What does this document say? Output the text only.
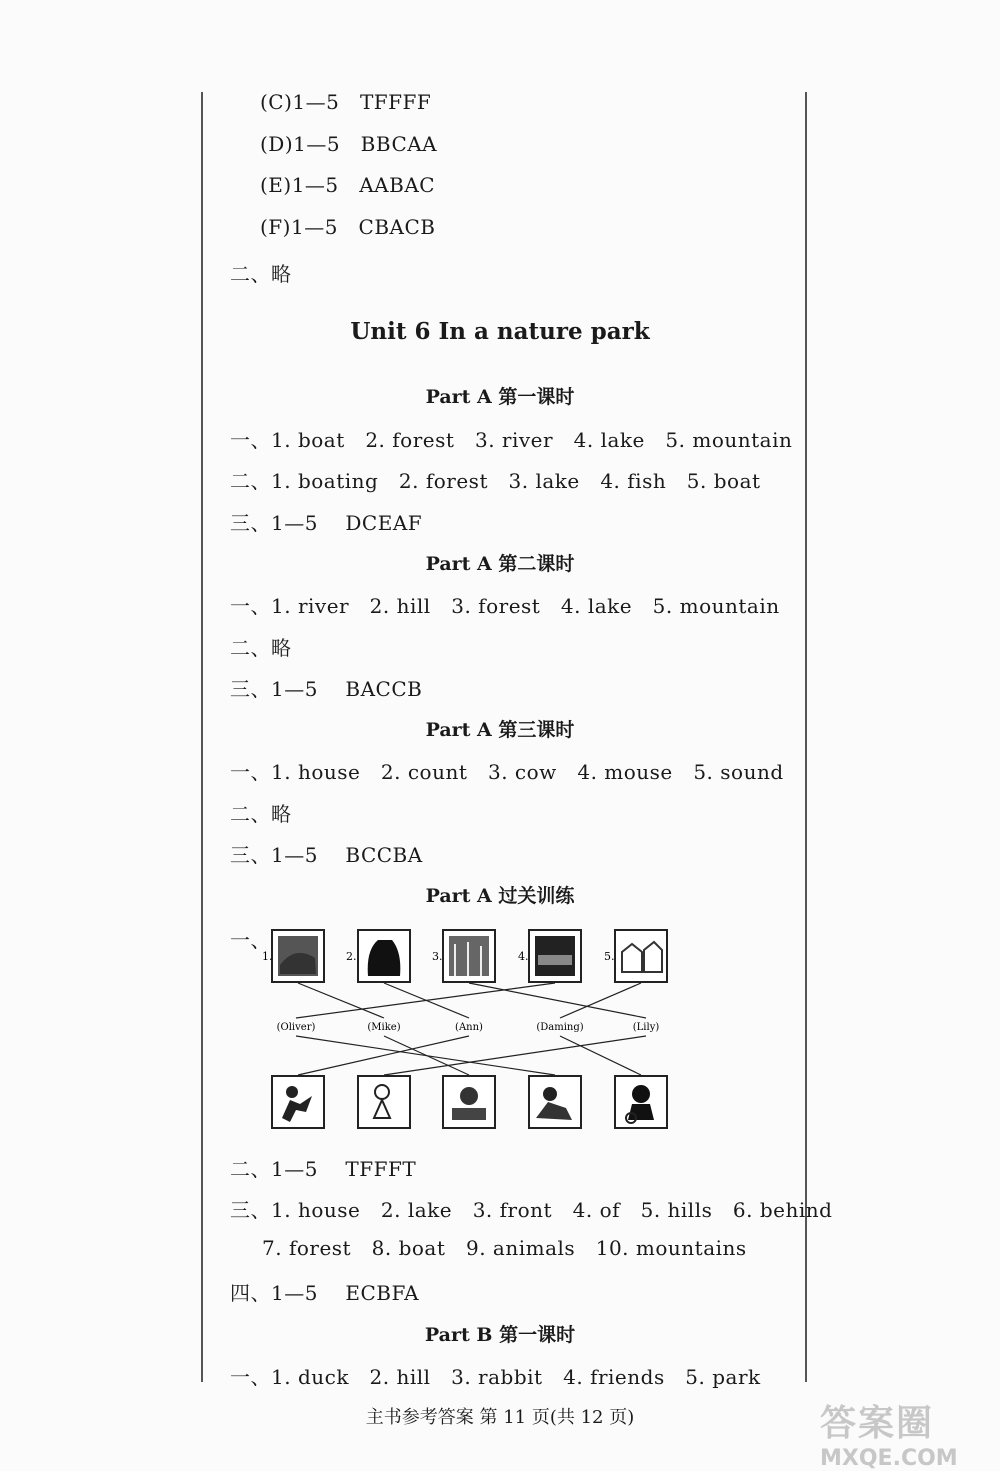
(C)1—5 TFFFF
(D)1—5 BBCAA
(E)1—5 AABAC
(F)1—5 CBACB
二、略
Unit 6 In a nature park
Part A 第一课时
一、1. boat   2. forest   3. river   4. lake   5. mountain
二、1. boating   2. forest   3. lake   4. fish   5. boat
三、1—5    DCEAF
Part A 第二课时
一、1. river   2. hill   3. forest   4. lake   5. mountain
二、略
三、1—5    BACCB
Part A 第三课时
一、1. house   2. count   3. cow   4. mouse   5. sound
二、略
三、1—5    BCCBA
Part A 过关训练
一、
1.	2.	3.	4.	5.
(Oliver)	(Mike)	(Ann)	(Daming)	(Lily)
二、1—5    TFFFT
三、1. house   2. lake   3. front   4. of   5. hills   6. behind
7. forest   8. boat   9. animals   10. mountains
四、1—5    ECBFA
Part B 第一课时
一、1. duck   2. hill   3. rabbit   4. friends   5. park
主书参考答案 第 11 页(共 12 页)	答案圈
MXQE.COM
